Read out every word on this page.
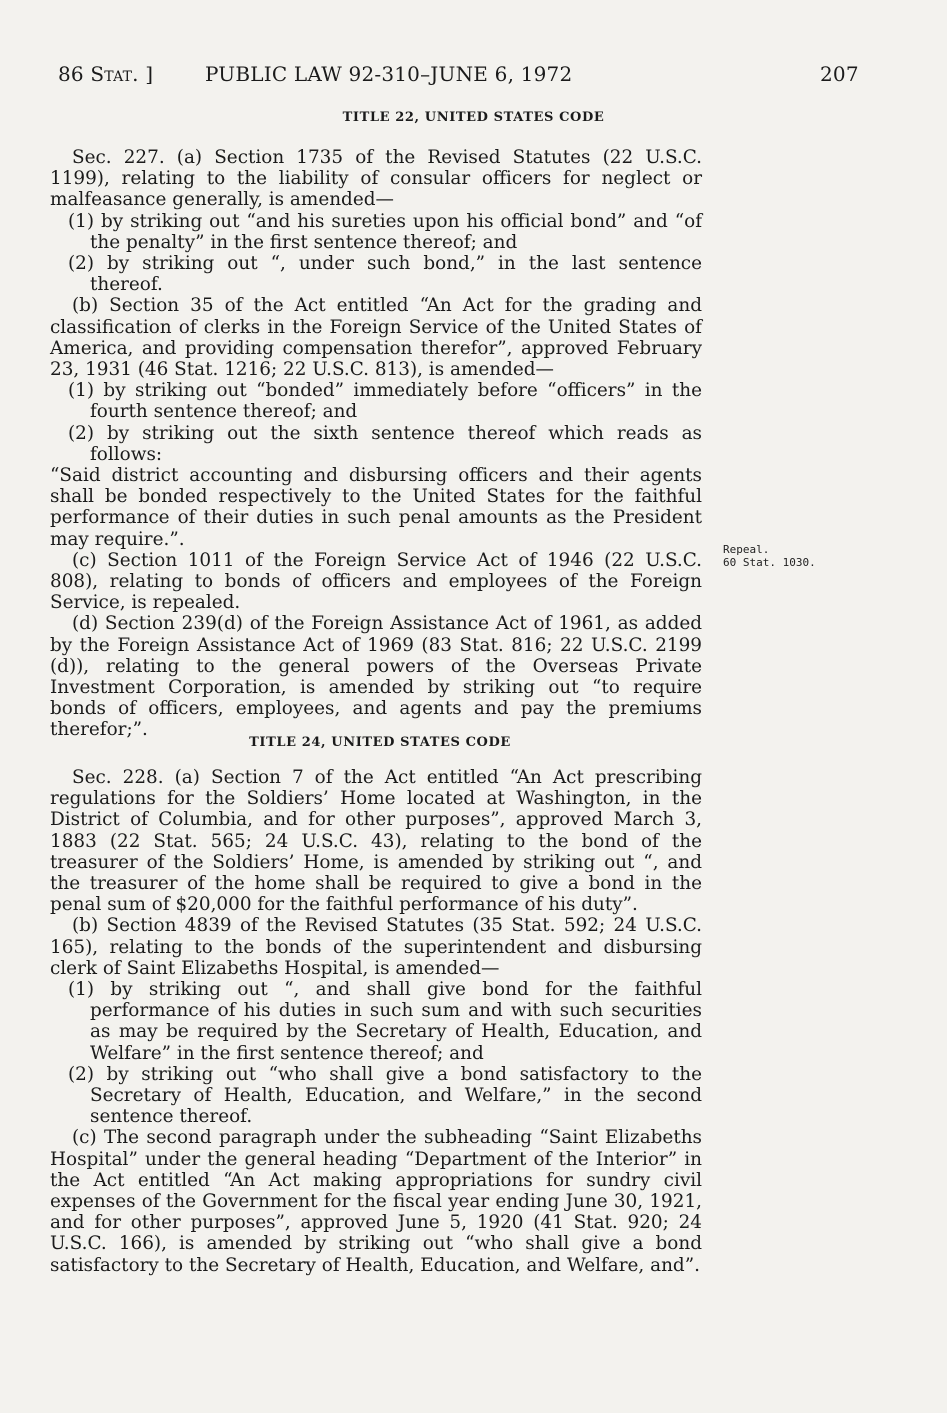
86 Stat. ]	PUBLIC LAW 92-310–JUNE 6, 1972	207
TITLE 22, UNITED STATES CODE

Sec. 227. (a) Section 1735 of the Revised Statutes (22 U.S.C. 1199), relating to the liability of consular officers for neglect or malfeasance generally, is amended—

(1) by striking out “and his sureties upon his official bond” and “of the penalty” in the first sentence thereof; and

(2) by striking out “, under such bond,” in the last sentence thereof.

(b) Section 35 of the Act entitled “An Act for the grading and classification of clerks in the Foreign Service of the United States of America, and providing compensation therefor”, approved February 23, 1931 (46 Stat. 1216; 22 U.S.C. 813), is amended—

(1) by striking out “bonded” immediately before “officers” in the fourth sentence thereof; and

(2) by striking out the sixth sentence thereof which reads as follows:

“Said district accounting and disbursing officers and their agents shall be bonded respectively to the United States for the faithful performance of their duties in such penal amounts as the President may require.”.

(c) Section 1011 of the Foreign Service Act of 1946 (22 U.S.C. 808), relating to bonds of officers and employees of the Foreign Service, is repealed.

(d) Section 239(d) of the Foreign Assistance Act of 1961, as added by the Foreign Assistance Act of 1969 (83 Stat. 816; 22 U.S.C. 2199 (d)), relating to the general powers of the Overseas Private Investment Corporation, is amended by striking out “to require bonds of officers, employees, and agents and pay the premiums therefor;”.

Repeal.
60 Stat. 1030.
TITLE 24, UNITED STATES CODE

Sec. 228. (a) Section 7 of the Act entitled “An Act prescribing regulations for the Soldiers’ Home located at Washington, in the District of Columbia, and for other purposes”, approved March 3, 1883 (22 Stat. 565; 24 U.S.C. 43), relating to the bond of the treasurer of the Soldiers’ Home, is amended by striking out “, and the treasurer of the home shall be required to give a bond in the penal sum of $20,000 for the faithful performance of his duty”.

(b) Section 4839 of the Revised Statutes (35 Stat. 592; 24 U.S.C. 165), relating to the bonds of the superintendent and disbursing clerk of Saint Elizabeths Hospital, is amended—

(1) by striking out “, and shall give bond for the faithful performance of his duties in such sum and with such securities as may be required by the Secretary of Health, Education, and Welfare” in the first sentence thereof; and

(2) by striking out “who shall give a bond satisfactory to the Secretary of Health, Education, and Welfare,” in the second sentence thereof.

(c) The second paragraph under the subheading “Saint Elizabeths Hospital” under the general heading “Department of the Interior” in the Act entitled “An Act making appropriations for sundry civil expenses of the Government for the fiscal year ending June 30, 1921, and for other purposes”, approved June 5, 1920 (41 Stat. 920; 24 U.S.C. 166), is amended by striking out “who shall give a bond satisfactory to the Secretary of Health, Education, and Welfare, and”.
